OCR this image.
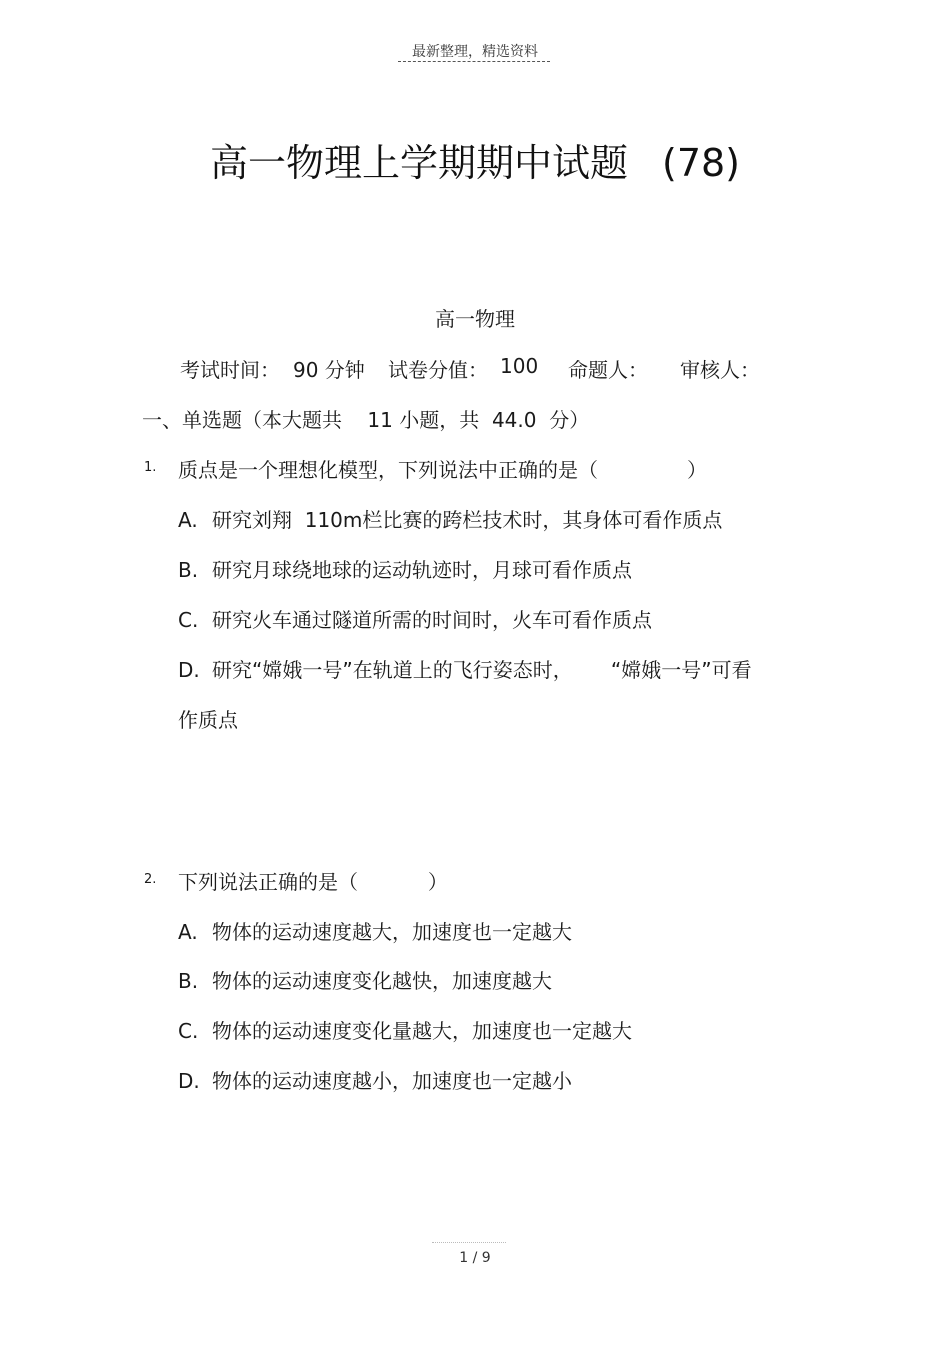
最新整理，精选资料
高一物理上学期期中试题 (78)
高一物理
考试时间： 90 分钟 试卷分值： 100 命题人： 审核人：
一、单选题（本大题共    11 小题，共  44.0  分）
1. 质点是一个理想化模型，下列说法中正确的是（              ）
A. 研究刘翔  110m栏比赛的跨栏技术时，其身体可看作质点
B. 研究月球绕地球的运动轨迹时，月球可看作质点
C. 研究火车通过隧道所需的时间时，火车可看作质点
D. 研究“嫦娥一号”在轨道上的飞行姿态时，      “嫦娥一号”可看
作质点
2. 下列说法正确的是（           ）
A. 物体的运动速度越大，加速度也一定越大
B. 物体的运动速度变化越快，加速度越大
C. 物体的运动速度变化量越大，加速度也一定越大
D. 物体的运动速度越小，加速度也一定越小
1 / 9
